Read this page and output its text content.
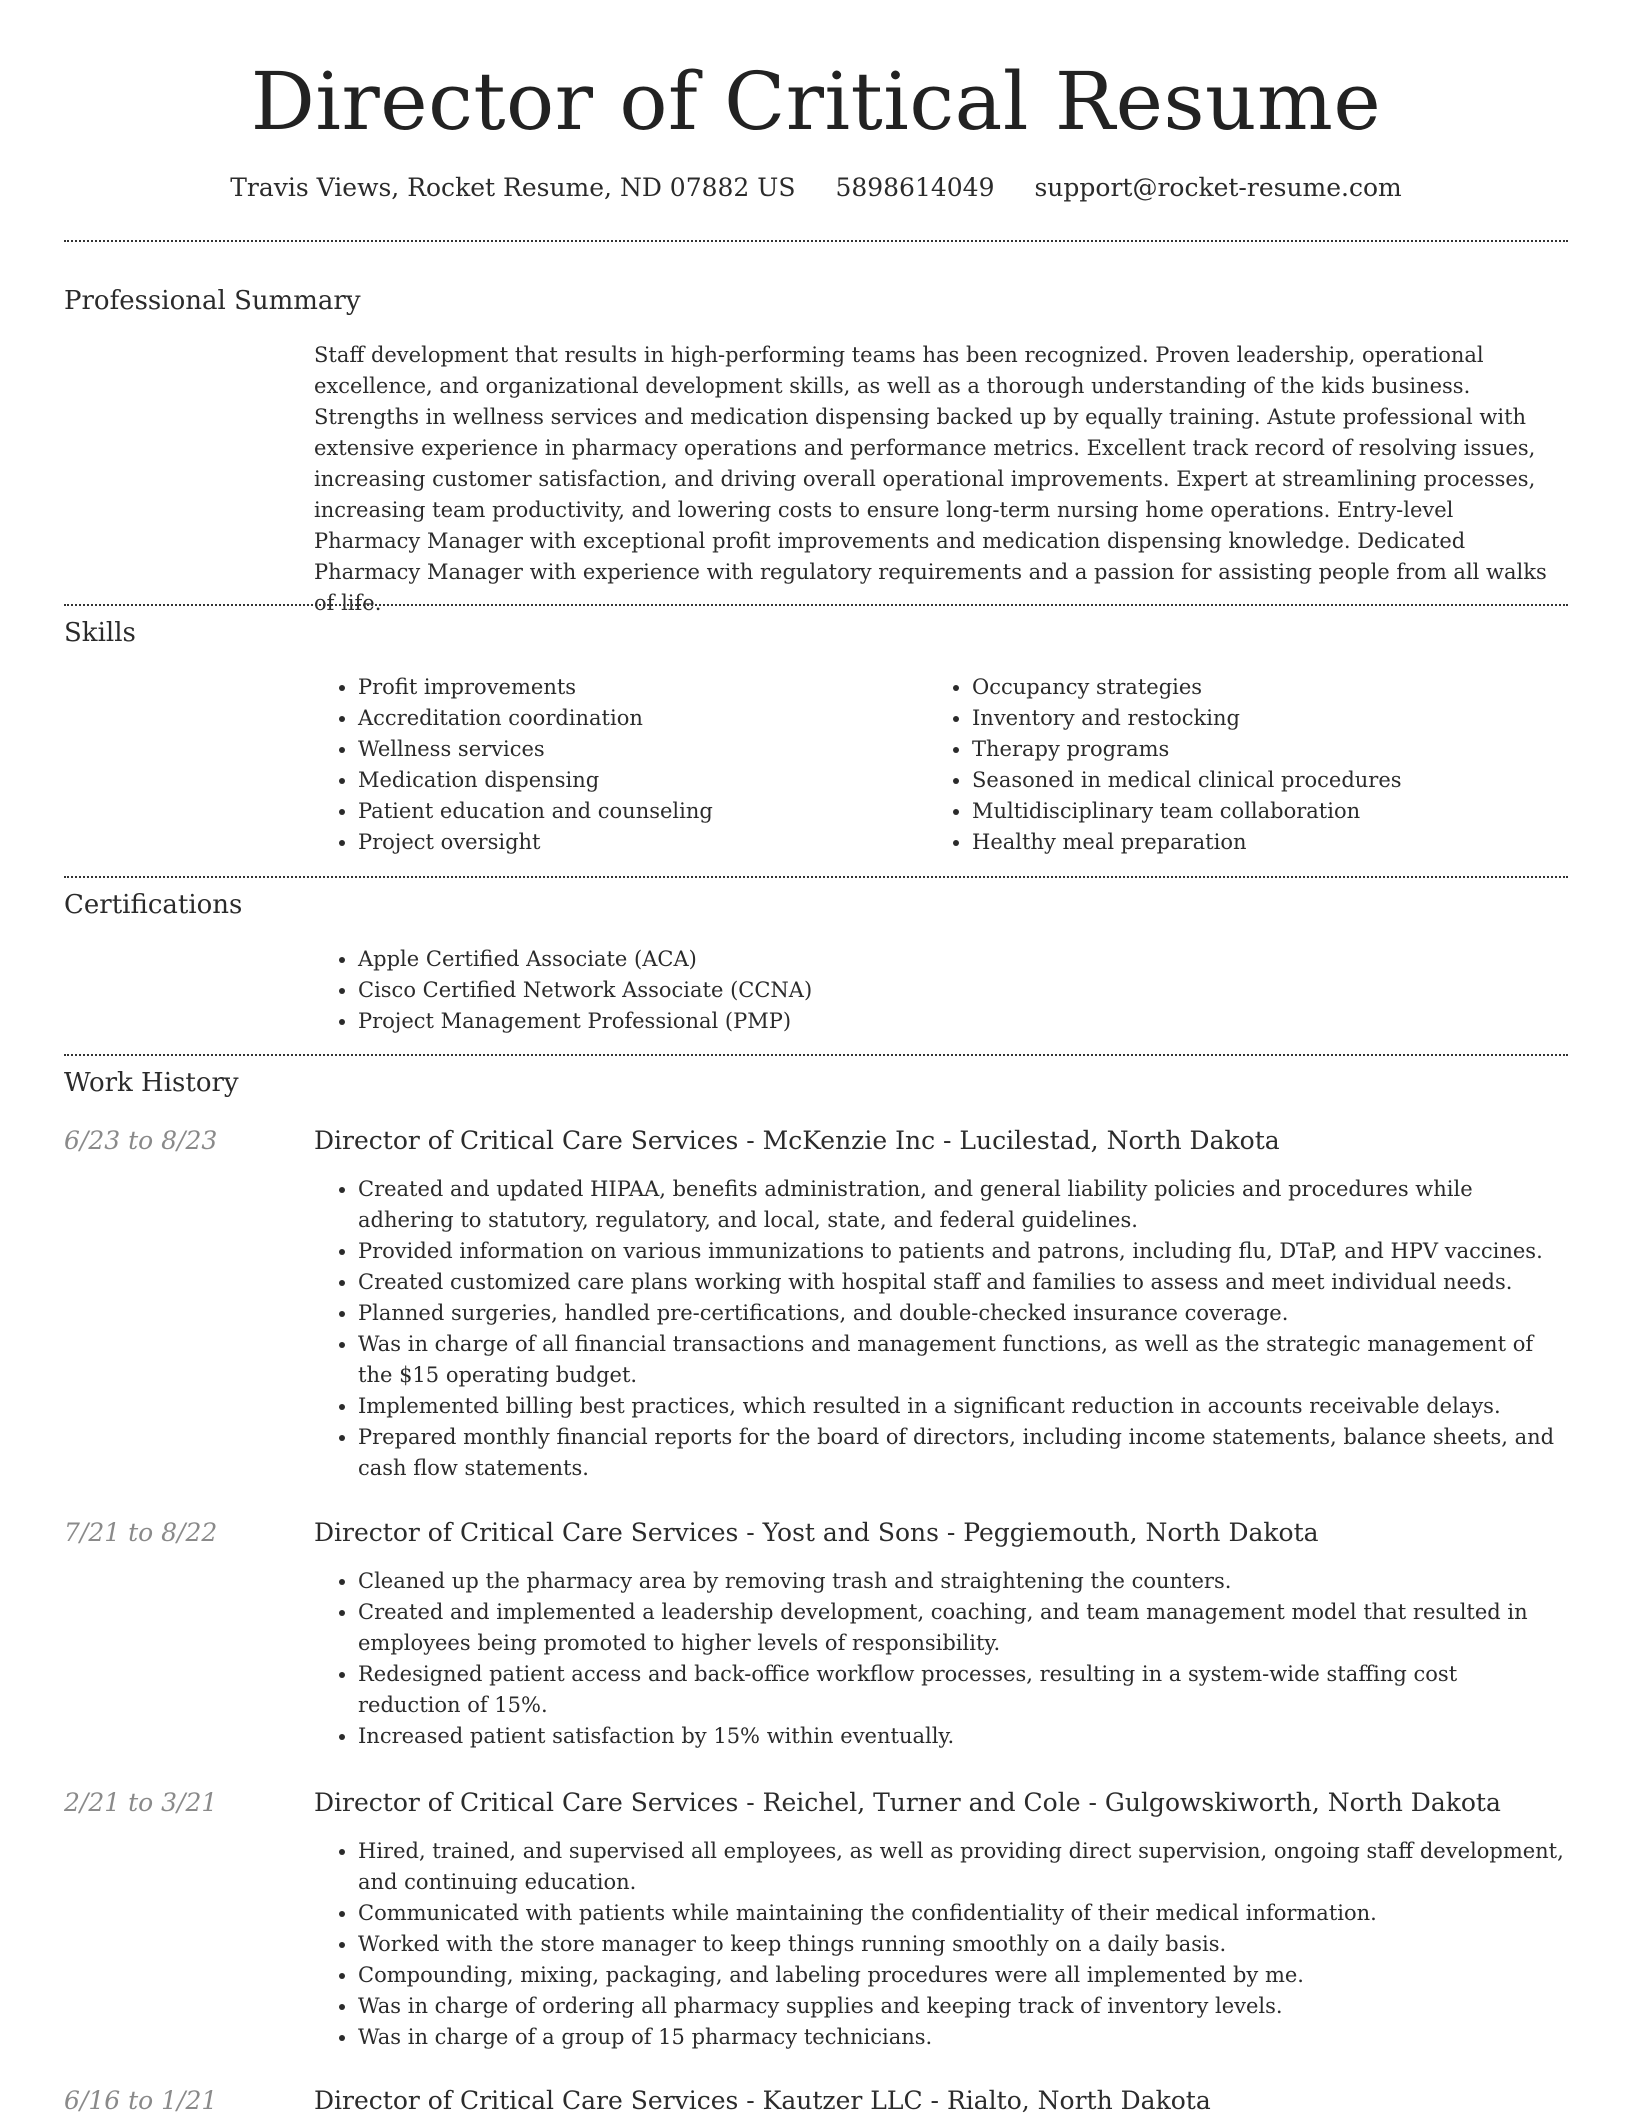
Director of Critical Resume
Travis Views, Rocket Resume, ND 07882 US 5898614049 support@rocket-resume.com
Professional Summary
Staff development that results in high-performing teams has been recognized. Proven leadership, operational excellence, and organizational development skills, as well as a thorough understanding of the kids business. Strengths in wellness services and medication dispensing backed up by equally training. Astute professional with extensive experience in pharmacy operations and performance metrics. Excellent track record of resolving issues, increasing customer satisfaction, and driving overall operational improvements. Expert at streamlining processes, increasing team productivity, and lowering costs to ensure long-term nursing home operations. Entry-level Pharmacy Manager with exceptional profit improvements and medication dispensing knowledge. Dedicated Pharmacy Manager with experience with regulatory requirements and a passion for assisting people from all walks of life.
Skills
• Profit improvements
• Accreditation coordination
• Wellness services
• Medication dispensing
• Patient education and counseling
• Project oversight
• Occupancy strategies
• Inventory and restocking
• Therapy programs
• Seasoned in medical clinical procedures
• Multidisciplinary team collaboration
• Healthy meal preparation
Certifications
• Apple Certified Associate (ACA)
• Cisco Certified Network Associate (CCNA)
• Project Management Professional (PMP)
Work History
6/23 to 8/23	Director of Critical Care Services - McKenzie Inc - Lucilestad, North Dakota
• Created and updated HIPAA, benefits administration, and general liability policies and procedures while adhering to statutory, regulatory, and local, state, and federal guidelines.
• Provided information on various immunizations to patients and patrons, including flu, DTaP, and HPV vaccines.
• Created customized care plans working with hospital staff and families to assess and meet individual needs.
• Planned surgeries, handled pre-certifications, and double-checked insurance coverage.
• Was in charge of all financial transactions and management functions, as well as the strategic management of the $15 operating budget.
• Implemented billing best practices, which resulted in a significant reduction in accounts receivable delays.
• Prepared monthly financial reports for the board of directors, including income statements, balance sheets, and cash flow statements.
7/21 to 8/22	Director of Critical Care Services - Yost and Sons - Peggiemouth, North Dakota
• Cleaned up the pharmacy area by removing trash and straightening the counters.
• Created and implemented a leadership development, coaching, and team management model that resulted in employees being promoted to higher levels of responsibility.
• Redesigned patient access and back-office workflow processes, resulting in a system-wide staffing cost reduction of 15%.
• Increased patient satisfaction by 15% within eventually.
2/21 to 3/21	Director of Critical Care Services - Reichel, Turner and Cole - Gulgowskiworth, North Dakota
• Hired, trained, and supervised all employees, as well as providing direct supervision, ongoing staff development, and continuing education.
• Communicated with patients while maintaining the confidentiality of their medical information.
• Worked with the store manager to keep things running smoothly on a daily basis.
• Compounding, mixing, packaging, and labeling procedures were all implemented by me.
• Was in charge of ordering all pharmacy supplies and keeping track of inventory levels.
• Was in charge of a group of 15 pharmacy technicians.
6/16 to 1/21	Director of Critical Care Services - Kautzer LLC - Rialto, North Dakota
